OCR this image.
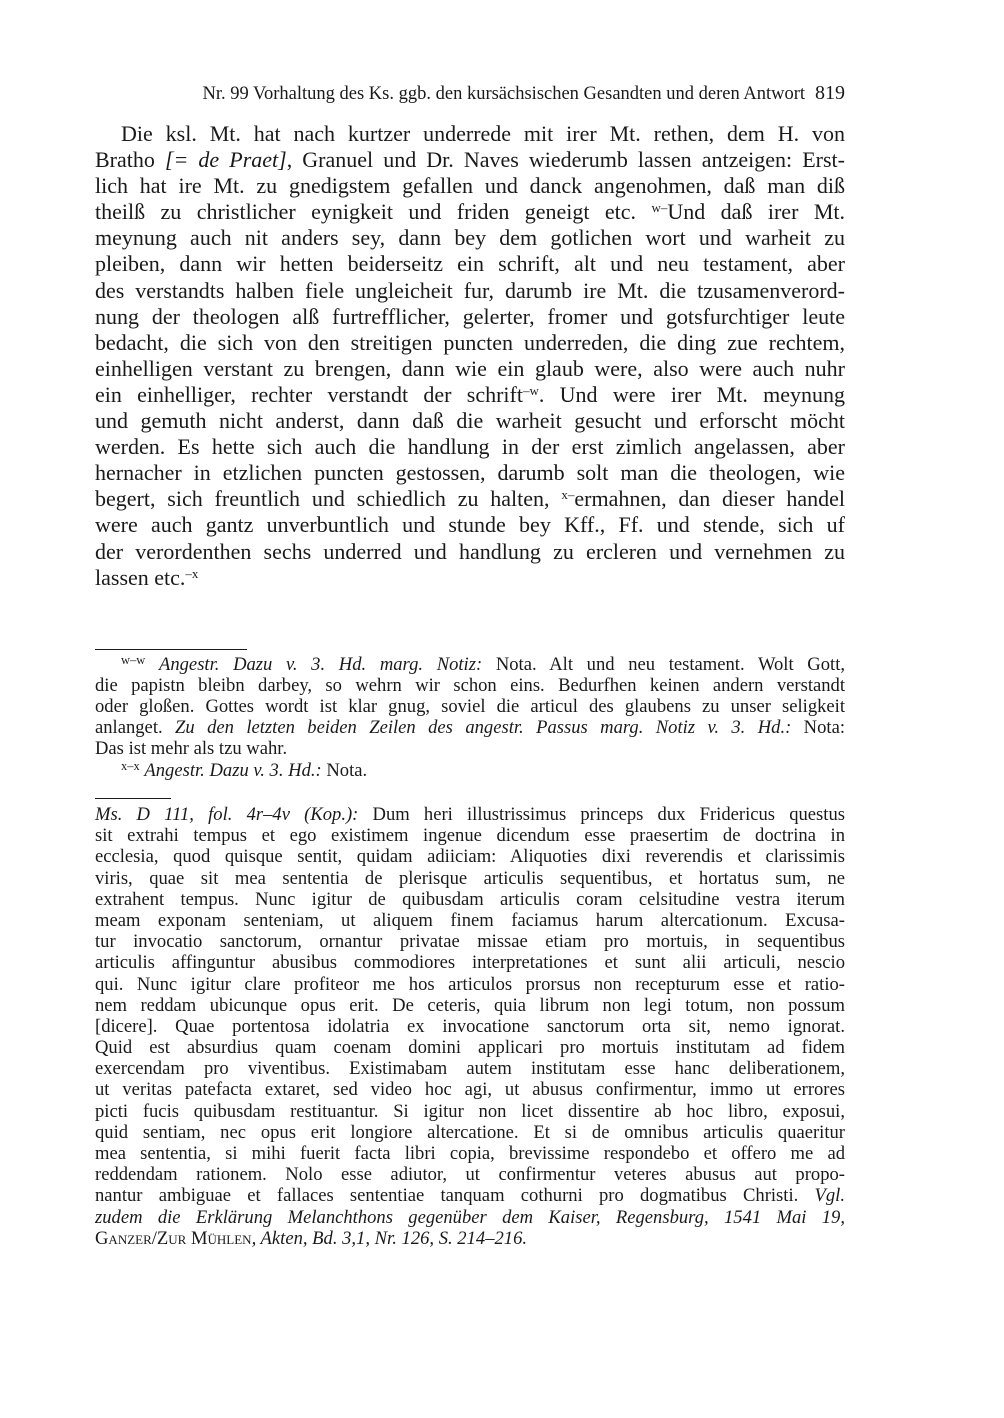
Nr. 99 Vorhaltung des Ks. ggb. den kursächsischen Gesandten und deren Antwort 819
Die ksl. Mt. hat nach kurtzer underrede mit irer Mt. rethen, dem H. von
Bratho [= de Praet], Granuel und Dr. Naves wiederumb lassen antzeigen: Erst-
lich hat ire Mt. zu gnedigstem gefallen und danck angenohmen, daß man diß
theilß zu christlicher eynigkeit und friden geneigt etc. $^{w-}$Und daß irer Mt.
meynung auch nit anders sey, dann bey dem gotlichen wort und warheit zu
pleiben, dann wir hetten beiderseitz ein schrift, alt und neu testament, aber
des verstandts halben fiele ungleicheit fur, darumb ire Mt. die tzusamenverord-
nung der theologen alß furtrefflicher, gelerter, fromer und gotsfurchtiger leute
bedacht, die sich von den streitigen puncten underreden, die ding zue rechtem,
einhelligen verstant zu brengen, dann wie ein glaub were, also were auch nuhr
ein einhelliger, rechter verstandt der schrift$^{-w}$. Und were irer Mt. meynung
und gemuth nicht anderst, dann daß die warheit gesucht und erforscht möcht
werden. Es hette sich auch die handlung in der erst zimlich angelassen, aber
hernacher in etzlichen puncten gestossen, darumb solt man die theologen, wie
begert, sich freuntlich und schiedlich zu halten, $^{x-}$ermahnen, dan dieser handel
were auch gantz unverbuntlich und stunde bey Kff., Ff. und stende, sich uf
der verordenthen sechs underred und handlung zu ercleren und vernehmen zu
lassen etc.$^{-x}$
$^{w-w}$ Angestr. Dazu v. 3. Hd. marg. Notiz: Nota. Alt und neu testament. Wolt Gott,
die papistn bleibn darbey, so wehrn wir schon eins. Bedurfhen keinen andern verstandt
oder gloßen. Gottes wordt ist klar gnug, soviel die articul des glaubens zu unser seligkeit
anlanget. Zu den letzten beiden Zeilen des angestr. Passus marg. Notiz v. 3. Hd.: Nota:
Das ist mehr als tzu wahr.
$^{x-x}$ Angestr. Dazu v. 3. Hd.: Nota.
Ms. D 111, fol. 4r–4v (Kop.): Dum heri illustrissimus princeps dux Fridericus questus
sit extrahi tempus et ego existimem ingenue dicendum esse praesertim de doctrina in
ecclesia, quod quisque sentit, quidam adiiciam: Aliquoties dixi reverendis et clarissimis
viris, quae sit mea sententia de plerisque articulis sequentibus, et hortatus sum, ne
extrahent tempus. Nunc igitur de quibusdam articulis coram celsitudine vestra iterum
meam exponam senteniam, ut aliquem finem faciamus harum altercationum. Excusa-
tur invocatio sanctorum, ornantur privatae missae etiam pro mortuis, in sequentibus
articulis affinguntur abusibus commodiores interpretationes et sunt alii articuli, nescio
qui. Nunc igitur clare profiteor me hos articulos prorsus non recepturum esse et ratio-
nem reddam ubicunque opus erit. De ceteris, quia librum non legi totum, non possum
[dicere]. Quae portentosa idolatria ex invocatione sanctorum orta sit, nemo ignorat.
Quid est absurdius quam coenam domini applicari pro mortuis institutam ad fidem
exercendam pro viventibus. Existimabam autem institutam esse hanc deliberationem,
ut veritas patefacta extaret, sed video hoc agi, ut abusus confirmentur, immo ut errores
picti fucis quibusdam restituantur. Si igitur non licet dissentire ab hoc libro, exposui,
quid sentiam, nec opus erit longiore altercatione. Et si de omnibus articulis quaeritur
mea sententia, si mihi fuerit facta libri copia, brevissime respondebo et offero me ad
reddendam rationem. Nolo esse adiutor, ut confirmentur veteres abusus aut propo-
nantur ambiguae et fallaces sententiae tanquam cothurni pro dogmatibus Christi. Vgl.
zudem die Erklärung Melanchthons gegenüber dem Kaiser, Regensburg, 1541 Mai 19,
Ganzer/Zur Mühlen, Akten, Bd. 3,1, Nr. 126, S. 214–216.
